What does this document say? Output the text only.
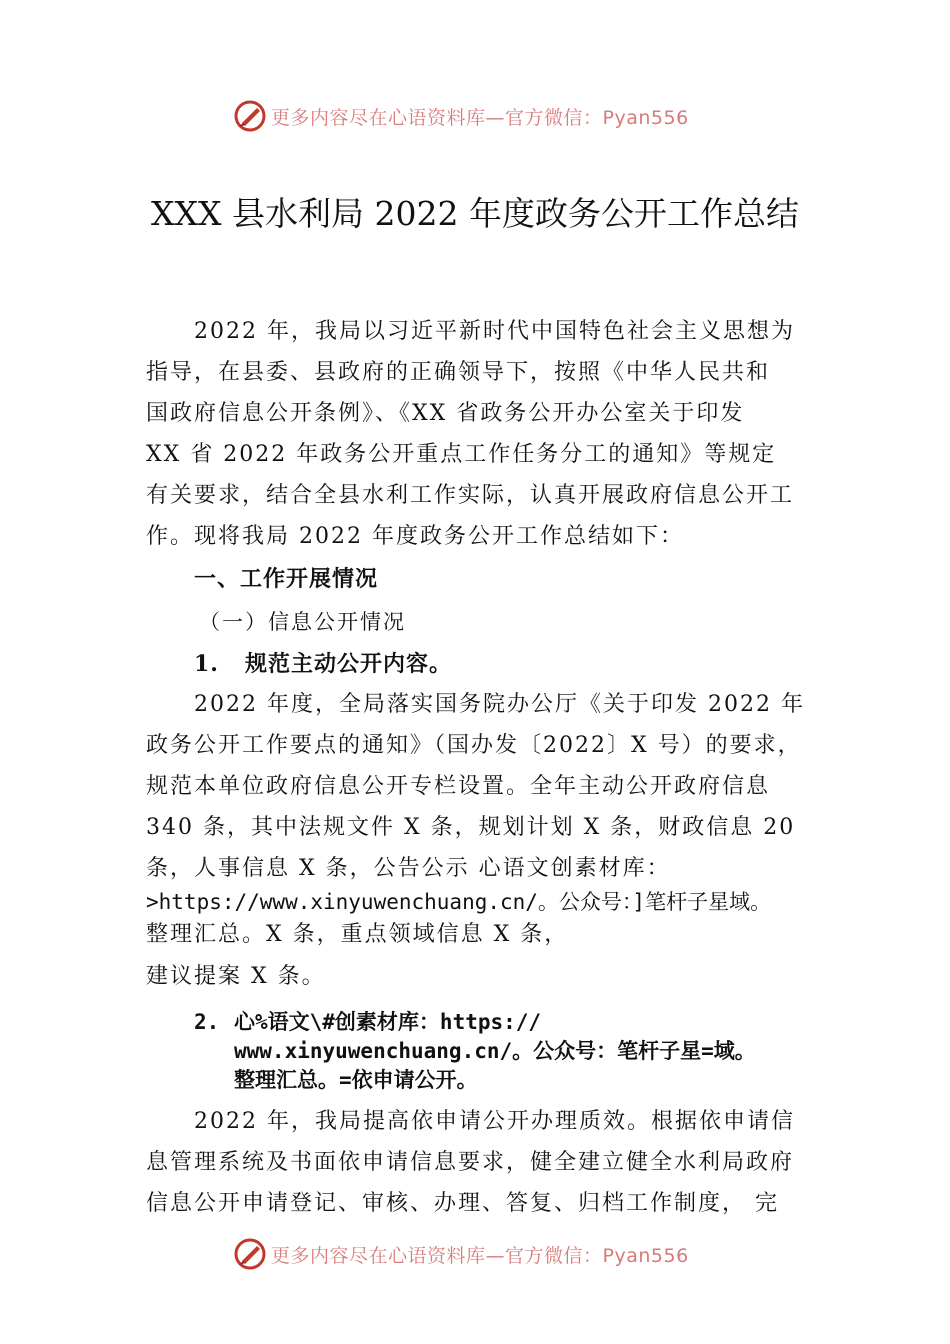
更多内容尽在心语资料库—官方微信：Pyan556
XXX 县水利局 2022 年度政务公开工作总结
2022 年，我局以习近平新时代中国特色社会主义思想为
指导，在县委、县政府的正确领导下，按照《中华人民共和
国政府信息公开条例》、《XX 省政务公开办公室关于印发
XX 省 2022 年政务公开重点工作任务分工的通知》等规定
有关要求，结合全县水利工作实际，认真开展政府信息公开工
作。现将我局 2022 年度政务公开工作总结如下：
一、工作开展情况
（一）信息公开情况
1. 规范主动公开内容。
2022 年度，全局落实国务院办公厅《关于印发 2022 年
政务公开工作要点的通知》（国办发〔2022〕X 号）的要求，
规范本单位政府信息公开专栏设置。全年主动公开政府信息
340 条，其中法规文件 X 条，规划计划 X 条，财政信息 20
条，人事信息 X 条，公告公示 心语文创素材库：
>https://www.xinyuwenchuang.cn/。公众号：]笔杆子星域。
整理汇总。X 条，重点领域信息 X 条，
建议提案 X 条。
2. 心%语文\#创素材库：https://
www.xinyuwenchuang.cn/。公众号：笔杆子星=域。
整理汇总。=依申请公开。
2022 年，我局提高依申请公开办理质效。根据依申请信
息管理系统及书面依申请信息要求，健全建立健全水利局政府
信息公开申请登记、审核、办理、答复、归档工作制度， 完
更多内容尽在心语资料库—官方微信：Pyan556
